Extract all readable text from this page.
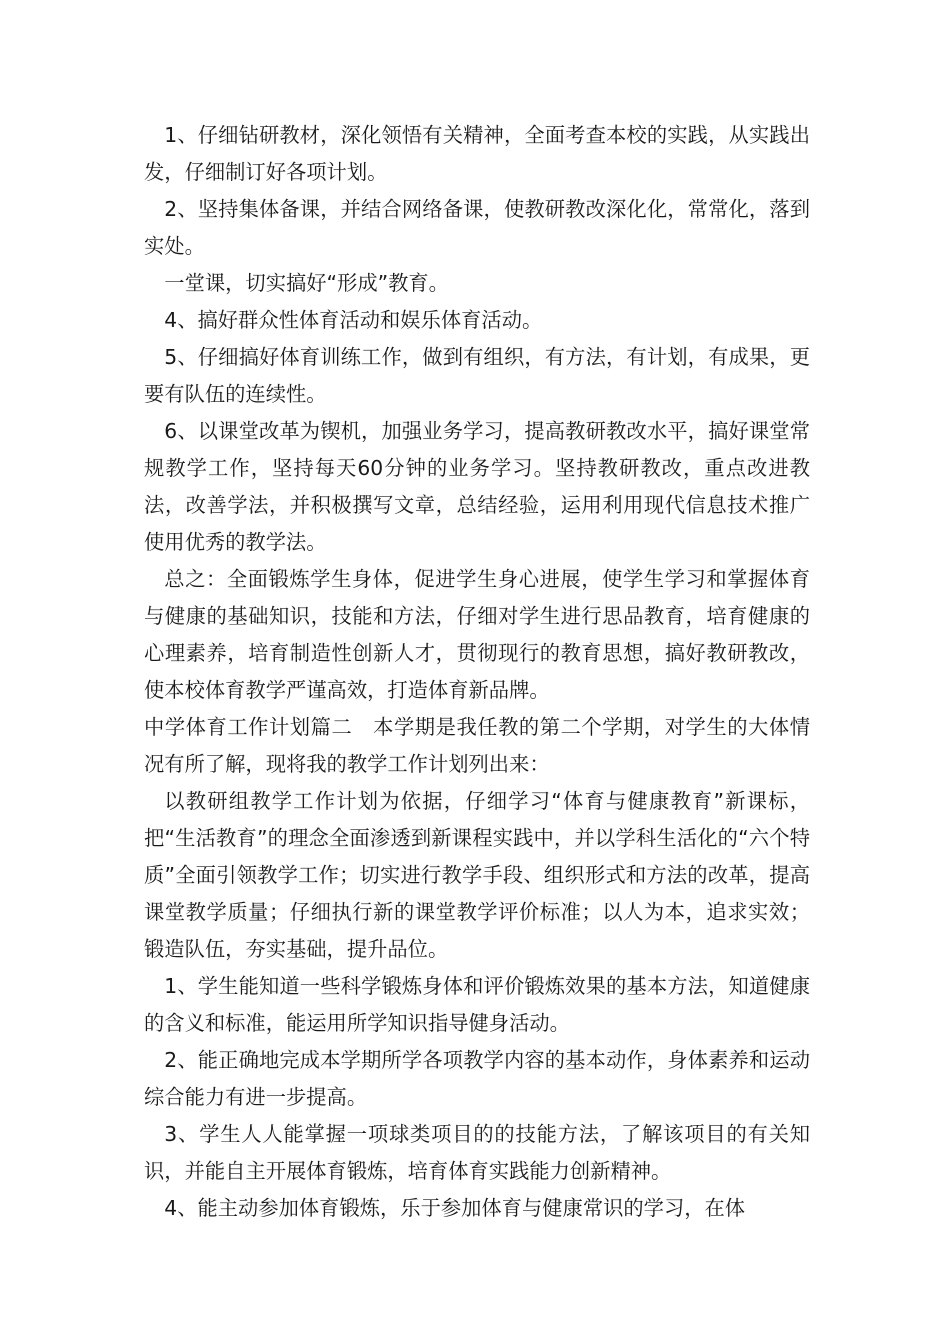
1、仔细钻研教材，深化领悟有关精神，全面考查本校的实践，从实践出发，仔细制订好各项计划。

2、坚持集体备课，并结合网络备课，使教研教改深化化，常常化，落到实处。

一堂课，切实搞好“形成”教育。

4、搞好群众性体育活动和娱乐体育活动。

5、仔细搞好体育训练工作，做到有组织，有方法，有计划，有成果，更要有队伍的连续性。

6、以课堂改革为锲机，加强业务学习，提高教研教改水平，搞好课堂常规教学工作，坚持每天60分钟的业务学习。坚持教研教改，重点改进教法，改善学法，并积极撰写文章，总结经验，运用利用现代信息技术推广使用优秀的教学法。

总之：全面锻炼学生身体，促进学生身心进展，使学生学习和掌握体育与健康的基础知识，技能和方法，仔细对学生进行思品教育，培育健康的心理素养，培育制造性创新人才，贯彻现行的教育思想，搞好教研教改，使本校体育教学严谨高效，打造体育新品牌。

中学体育工作计划篇二　本学期是我任教的第二个学期，对学生的大体情况有所了解，现将我的教学工作计划列出来：

以教研组教学工作计划为依据，仔细学习“体育与健康教育”新课标，把“生活教育”的理念全面渗透到新课程实践中，并以学科生活化的“六个特质”全面引领教学工作；切实进行教学手段、组织形式和方法的改革，提高课堂教学质量；仔细执行新的课堂教学评价标准；以人为本，追求实效；锻造队伍，夯实基础，提升品位。

1、学生能知道一些科学锻炼身体和评价锻炼效果的基本方法，知道健康的含义和标准，能运用所学知识指导健身活动。

2、能正确地完成本学期所学各项教学内容的基本动作，身体素养和运动综合能力有进一步提高。

3、学生人人能掌握一项球类项目的的技能方法，了解该项目的有关知识，并能自主开展体育锻炼，培育体育实践能力创新精神。

4、能主动参加体育锻炼，乐于参加体育与健康常识的学习，在体
